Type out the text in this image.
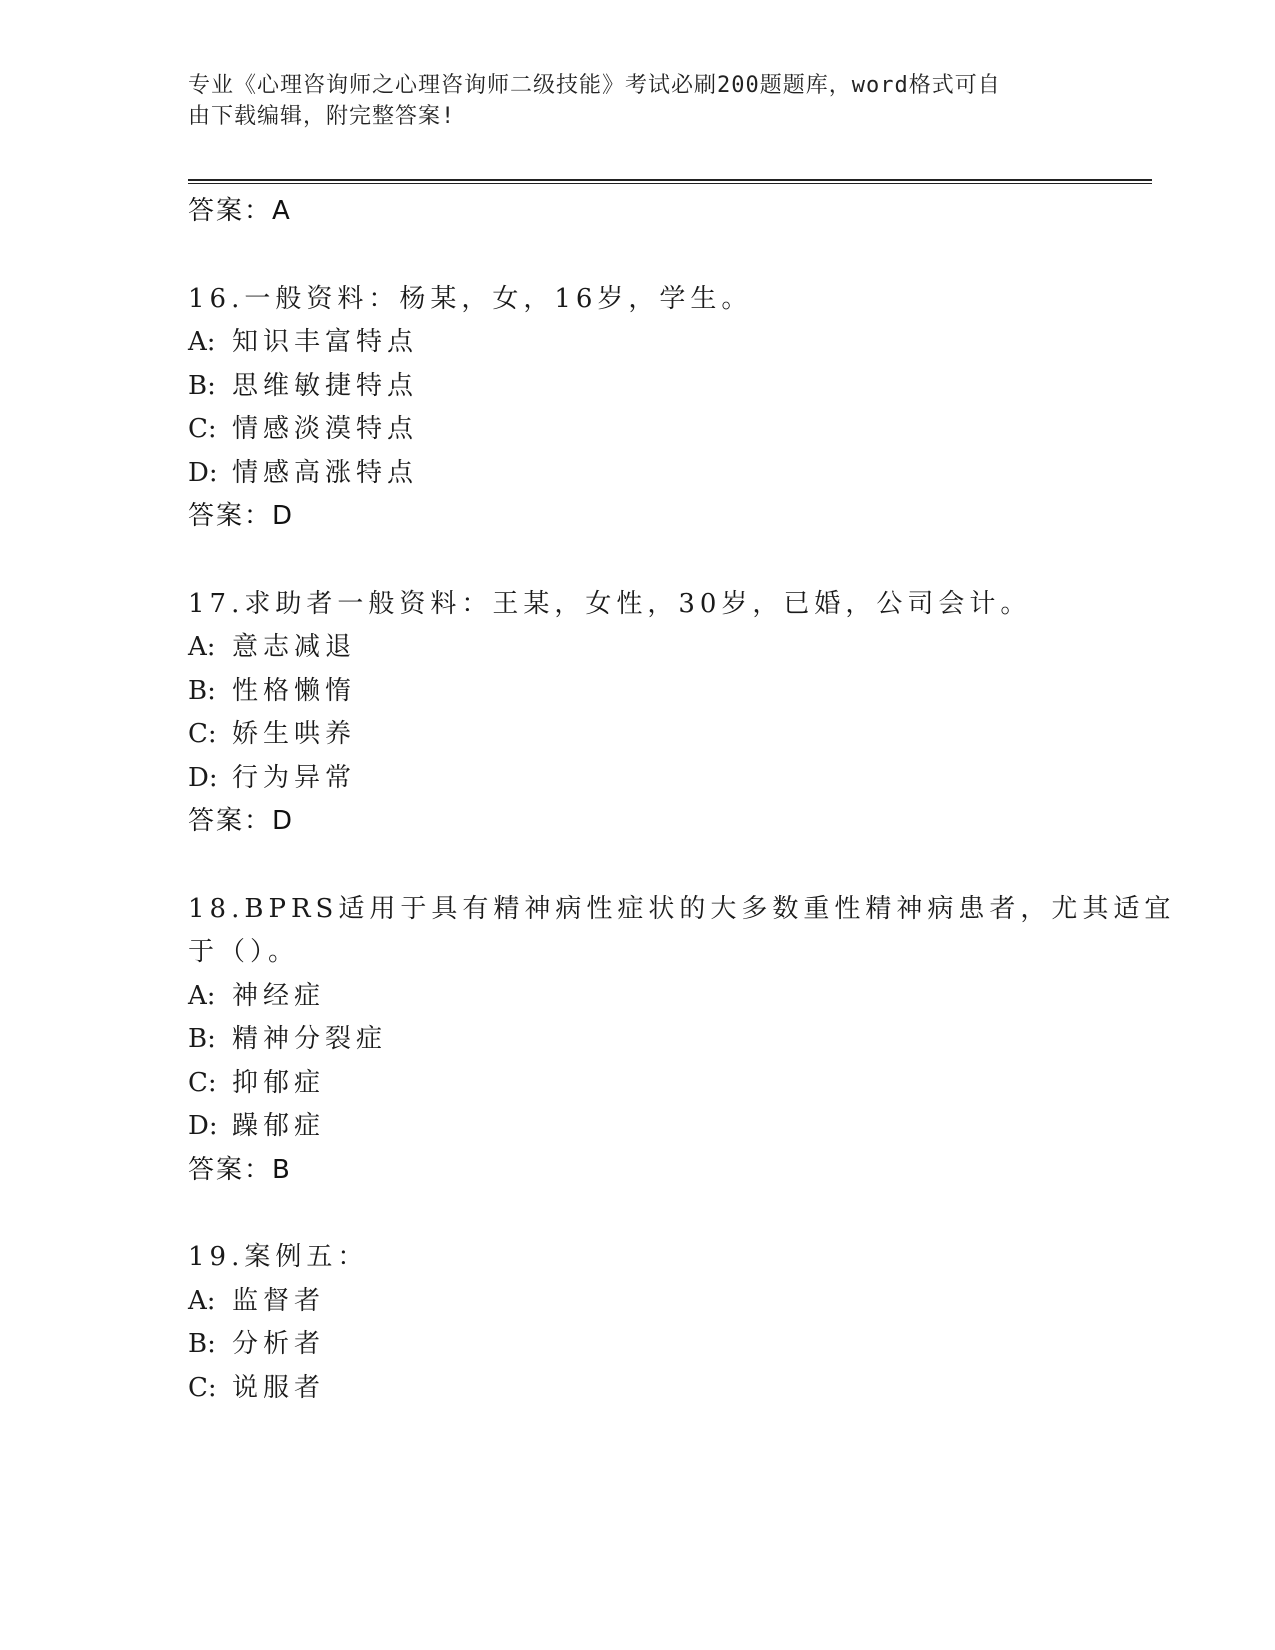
专业《心理咨询师之心理咨询师二级技能》考试必刷200题题库，word格式可自
由下载编辑，附完整答案!
答案：A
16.一般资料：杨某，女，16岁，学生。
A: 知识丰富特点
B: 思维敏捷特点
C: 情感淡漠特点
D: 情感高涨特点
答案：D
17.求助者一般资料：王某，女性，30岁，已婚，公司会计。
A: 意志减退
B: 性格懒惰
C: 娇生哄养
D: 行为异常
答案：D
18.BPRS适用于具有精神病性症状的大多数重性精神病患者，尤其适宜
于（）。
A: 神经症
B: 精神分裂症
C: 抑郁症
D: 躁郁症
答案：B
19.案例五：
A: 监督者
B: 分析者
C: 说服者
